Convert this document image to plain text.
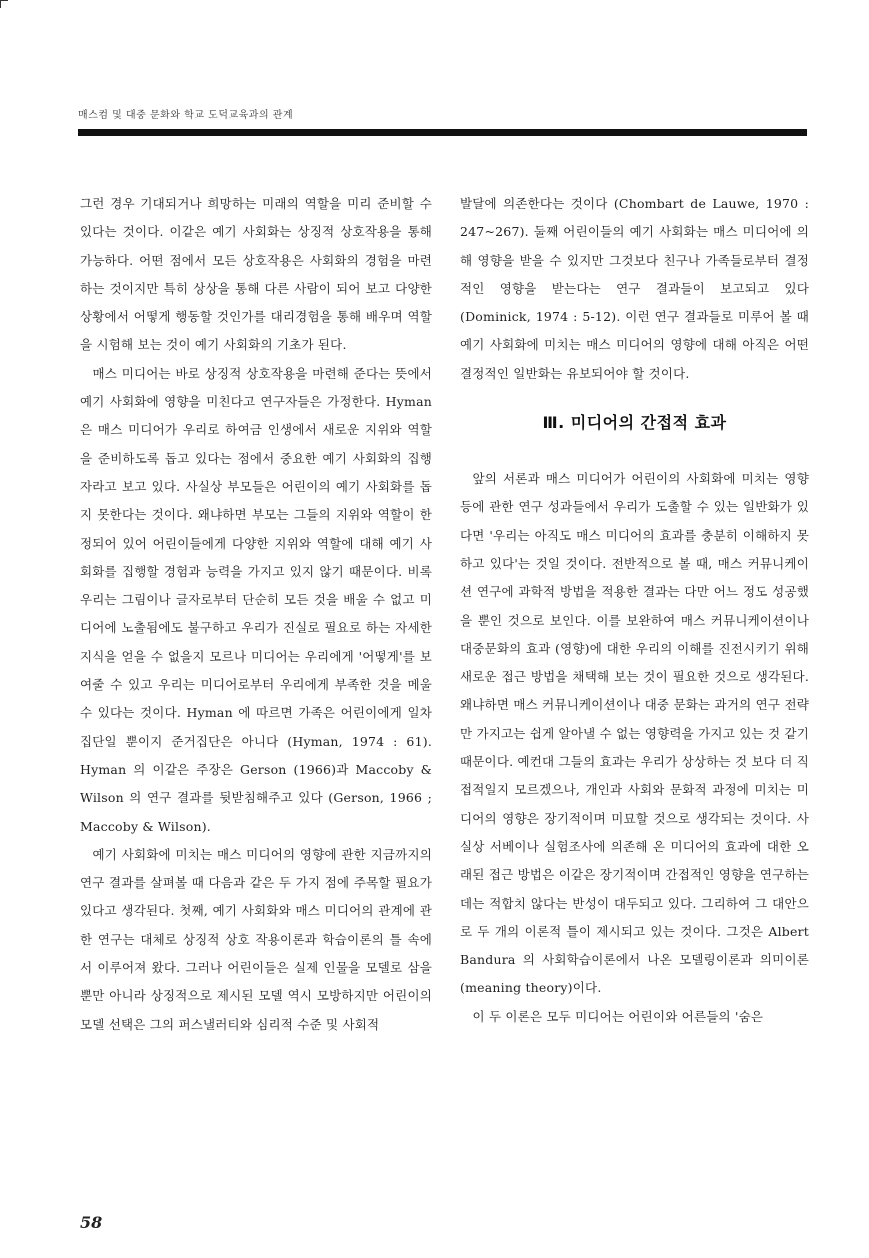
매스컴 및 대중 문화와 학교 도덕교육과의 관계

그런 경우 기대되거나 희망하는 미래의 역할을 미리 준비할 수 있다는 것이다. 이같은 예기 사회화는 상징적 상호작용을 통해 가능하다. 어떤 점에서 모든 상호작용은 사회화의 경험을 마련하는 것이지만 특히 상상을 통해 다른 사람이 되어 보고 다양한 상황에서 어떻게 행동할 것인가를 대리경험을 통해 배우며 역할을 시험해 보는 것이 예기 사회화의 기초가 된다.

매스 미디어는 바로 상징적 상호작용을 마련해 준다는 뜻에서 예기 사회화에 영향을 미친다고 연구자들은 가정한다. Hyman 은 매스 미디어가 우리로 하여금 인생에서 새로운 지위와 역할을 준비하도록 돕고 있다는 점에서 중요한 예기 사회화의 집행자라고 보고 있다. 사실상 부모들은 어린이의 예기 사회화를 돕지 못한다는 것이다. 왜냐하면 부모는 그들의 지위와 역할이 한정되어 있어 어린이들에게 다양한 지위와 역할에 대해 예기 사회화를 집행할 경험과 능력을 가지고 있지 않기 때문이다. 비록 우리는 그림이나 글자로부터 단순히 모든 것을 배울 수 없고 미디어에 노출됨에도 불구하고 우리가 진실로 필요로 하는 자세한 지식을 얻을 수 없을지 모르나 미디어는 우리에게 '어떻게'를 보여줄 수 있고 우리는 미디어로부터 우리에게 부족한 것을 메울 수 있다는 것이다. Hyman 에 따르면 가족은 어린이에게 일차 집단일 뿐이지 준거집단은 아니다 (Hyman, 1974 : 61). Hyman 의 이같은 주장은 Gerson (1966)과 Maccoby & Wilson 의 연구 결과를 뒷받침해주고 있다 (Gerson, 1966 ; Maccoby & Wilson).

예기 사회화에 미치는 매스 미디어의 영향에 관한 지금까지의 연구 결과를 살펴볼 때 다음과 같은 두 가지 점에 주목할 필요가 있다고 생각된다. 첫째, 예기 사회화와 매스 미디어의 관계에 관한 연구는 대체로 상징적 상호 작용이론과 학습이론의 틀 속에서 이루어져 왔다. 그러나 어린이들은 실제 인물을 모델로 삼을 뿐만 아니라 상징적으로 제시된 모델 역시 모방하지만 어린이의 모델 선택은 그의 퍼스낼러티와 심리적 수준 및 사회적

발달에 의존한다는 것이다 (Chombart de Lauwe, 1970 : 247~267). 둘째 어린이들의 예기 사회화는 매스 미디어에 의해 영향을 받을 수 있지만 그것보다 친구나 가족들로부터 결정적인 영향을 받는다는 연구 결과들이 보고되고 있다 (Dominick, 1974 : 5-12). 이런 연구 결과들로 미루어 볼 때 예기 사회화에 미치는 매스 미디어의 영향에 대해 아직은 어떤 결정적인 일반화는 유보되어야 할 것이다.

Ⅲ. 미디어의 간접적 효과

앞의 서론과 매스 미디어가 어린이의 사회화에 미치는 영향 등에 관한 연구 성과들에서 우리가 도출할 수 있는 일반화가 있다면 '우리는 아직도 매스 미디어의 효과를 충분히 이해하지 못하고 있다'는 것일 것이다. 전반적으로 볼 때, 매스 커뮤니케이션 연구에 과학적 방법을 적용한 결과는 다만 어느 정도 성공했을 뿐인 것으로 보인다. 이를 보완하여 매스 커뮤니케이션이나 대중문화의 효과 (영향)에 대한 우리의 이해를 진전시키기 위해 새로운 접근 방법을 채택해 보는 것이 필요한 것으로 생각된다. 왜냐하면 매스 커뮤니케이션이나 대중 문화는 과거의 연구 전략만 가지고는 쉽게 알아낼 수 없는 영향력을 가지고 있는 것 같기 때문이다. 예컨대 그들의 효과는 우리가 상상하는 것 보다 더 직접적일지 모르겠으나, 개인과 사회와 문화적 과정에 미치는 미디어의 영향은 장기적이며 미묘할 것으로 생각되는 것이다. 사실상 서베이나 실험조사에 의존해 온 미디어의 효과에 대한 오래된 접근 방법은 이같은 장기적이며 간접적인 영향을 연구하는 데는 적합치 않다는 반성이 대두되고 있다. 그리하여 그 대안으로 두 개의 이론적 틀이 제시되고 있는 것이다. 그것은 Albert Bandura 의 사회학습이론에서 나온 모델링이론과 의미이론 (meaning theory)이다.

이 두 이론은 모두 미디어는 어린이와 어른들의 '숨은

58
